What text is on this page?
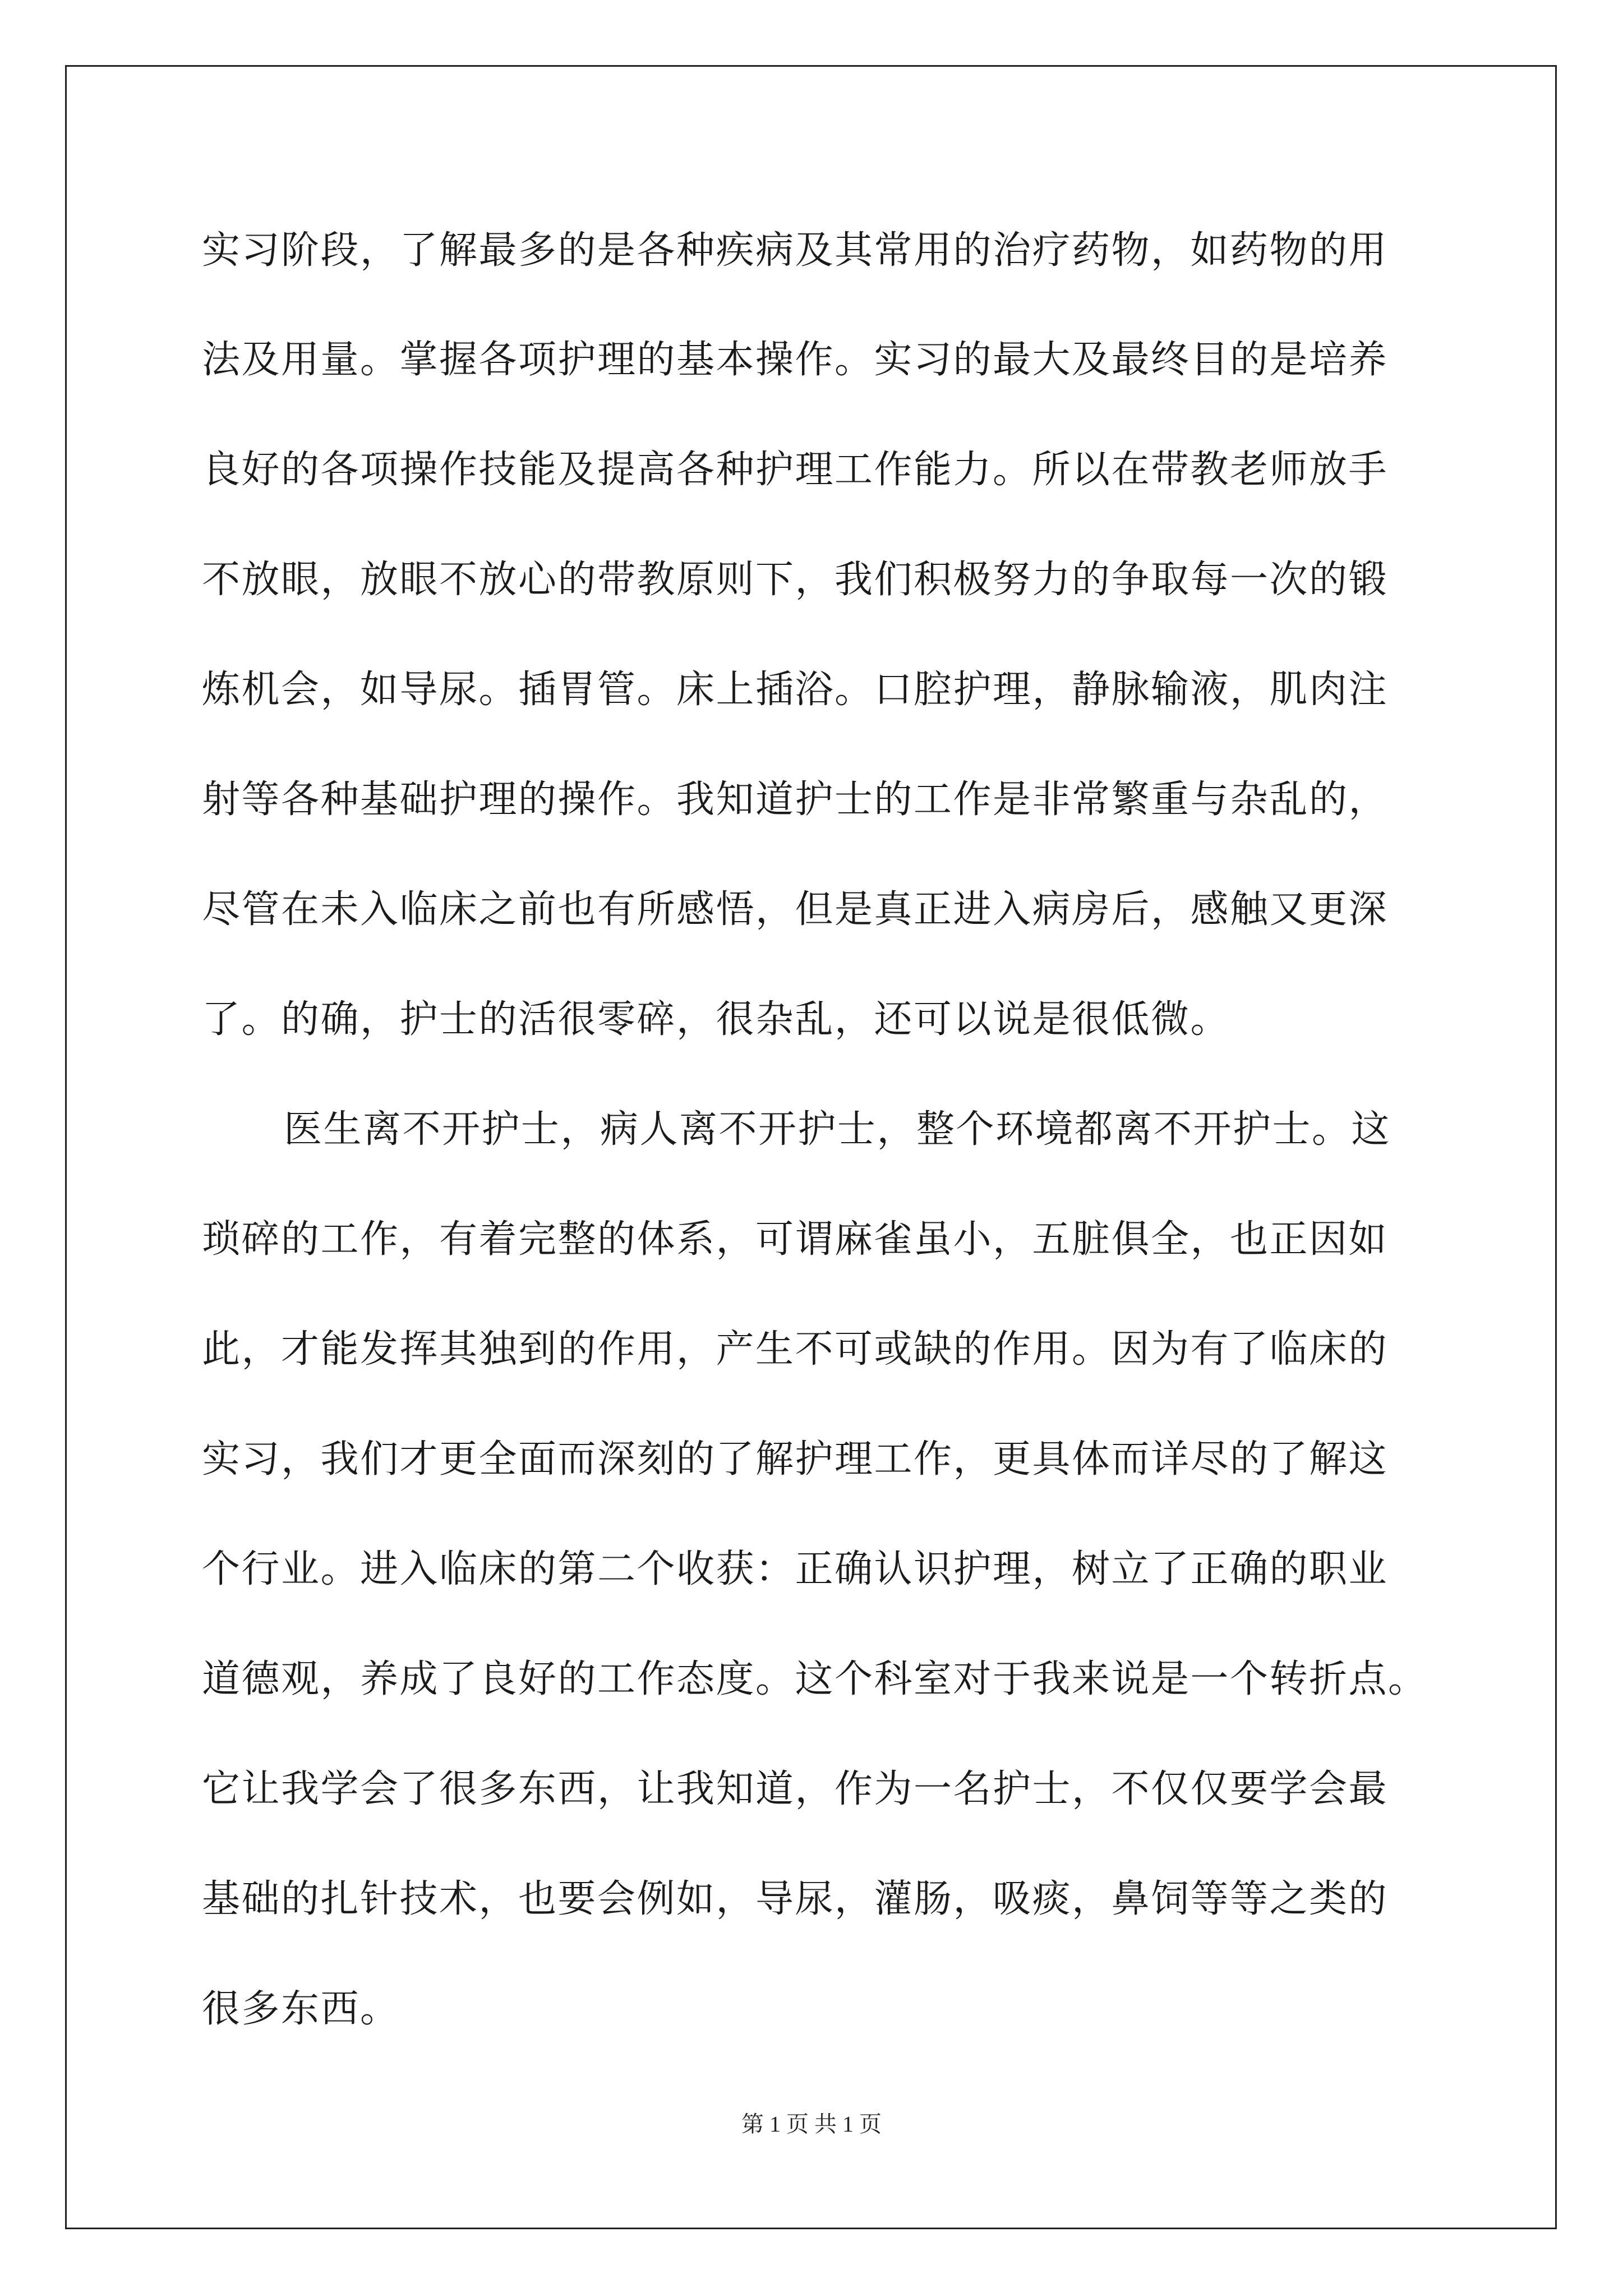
实习阶段，了解最多的是各种疾病及其常用的治疗药物，如药物的用
法及用量。掌握各项护理的基本操作。实习的最大及最终目的是培养
良好的各项操作技能及提高各种护理工作能力。所以在带教老师放手
不放眼，放眼不放心的带教原则下，我们积极努力的争取每一次的锻
炼机会，如导尿。插胃管。床上插浴。口腔护理，静脉输液，肌肉注
射等各种基础护理的操作。我知道护士的工作是非常繁重与杂乱的，
尽管在未入临床之前也有所感悟，但是真正进入病房后，感触又更深
了。的确，护士的活很零碎，很杂乱，还可以说是很低微。
医生离不开护士，病人离不开护士，整个环境都离不开护士。这
琐碎的工作，有着完整的体系，可谓麻雀虽小，五脏俱全，也正因如
此，才能发挥其独到的作用，产生不可或缺的作用。因为有了临床的
实习，我们才更全面而深刻的了解护理工作，更具体而详尽的了解这
个行业。进入临床的第二个收获：正确认识护理，树立了正确的职业
道德观，养成了良好的工作态度。这个科室对于我来说是一个转折点。
它让我学会了很多东西，让我知道，作为一名护士，不仅仅要学会最
基础的扎针技术，也要会例如，导尿，灌肠，吸痰，鼻饲等等之类的
很多东西。
第 1 页 共 1 页
